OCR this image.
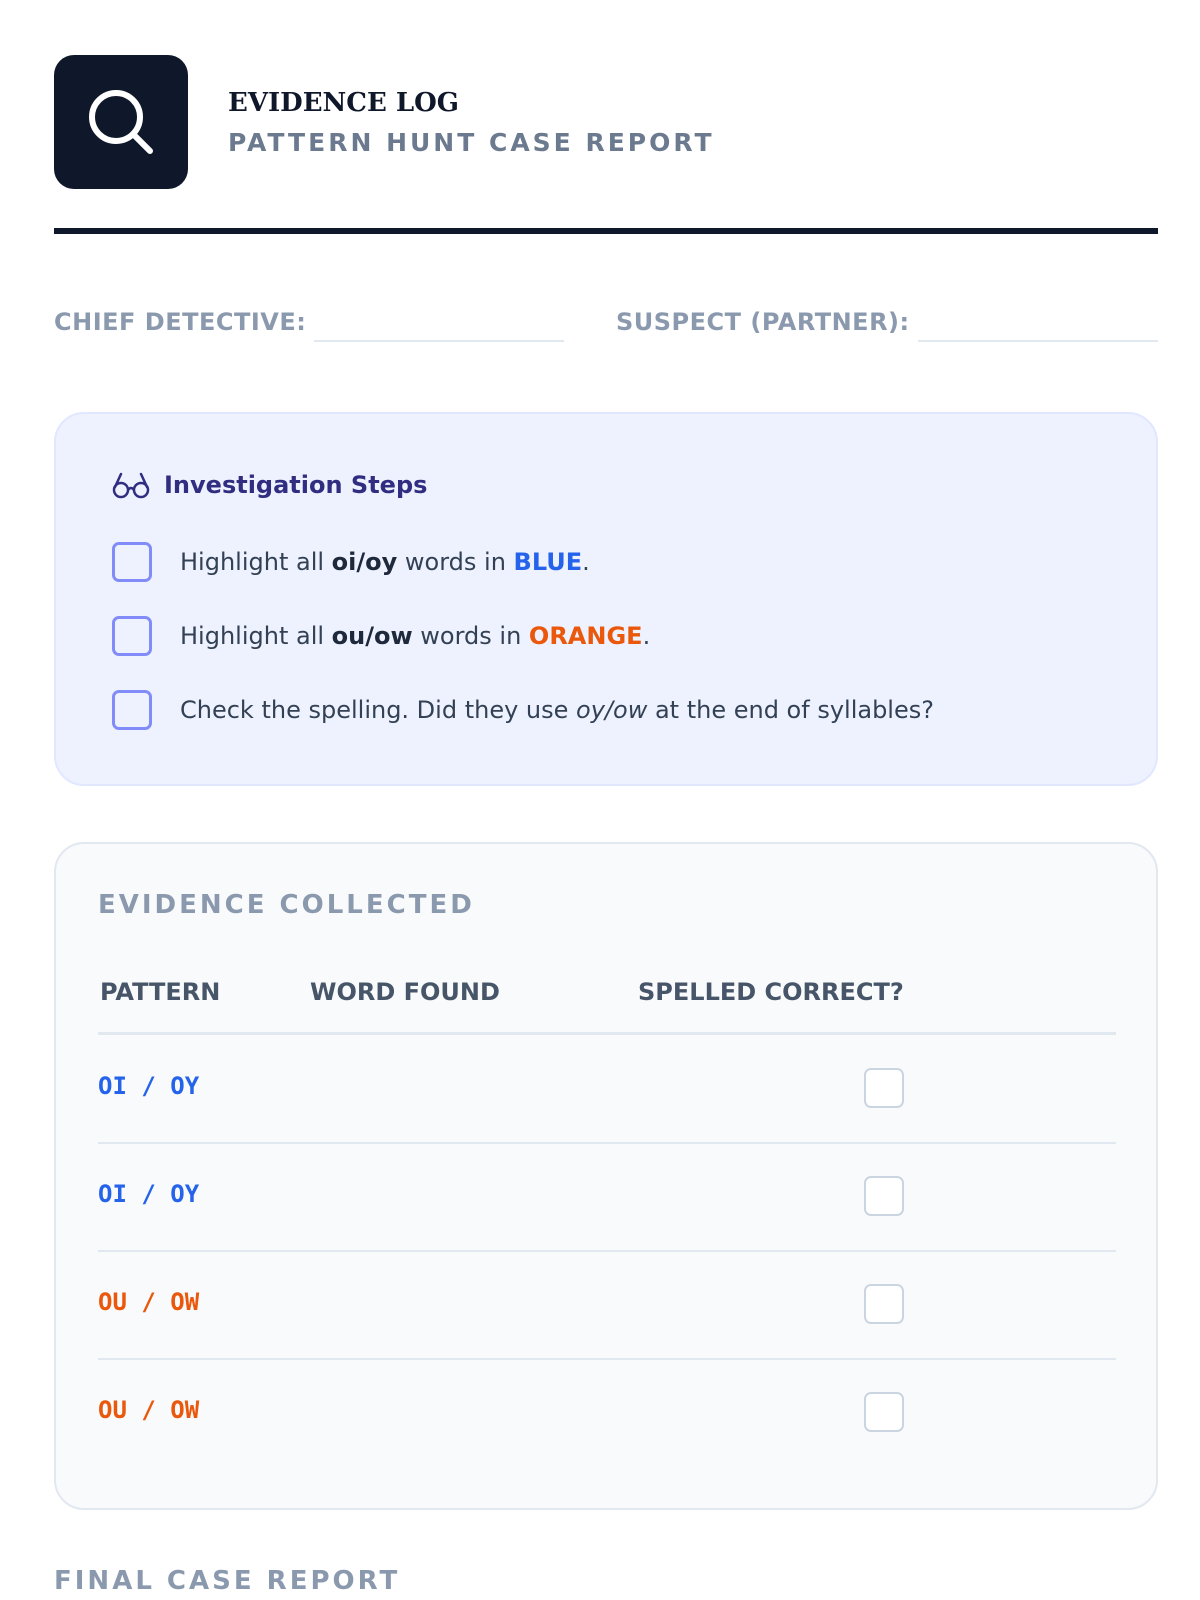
EVIDENCE LOG
PATTERN HUNT CASE REPORT
CHIEF DETECTIVE:	SUSPECT (PARTNER):
Investigation Steps
Highlight all oi/oy words in BLUE.
Highlight all ou/ow words in ORANGE.
Check the spelling. Did they use oy/ow at the end of syllables?
EVIDENCE COLLECTED
PATTERN	WORD FOUND	SPELLED CORRECT?
OI / OY
OI / OY
OU / OW
OU / OW
FINAL CASE REPORT
